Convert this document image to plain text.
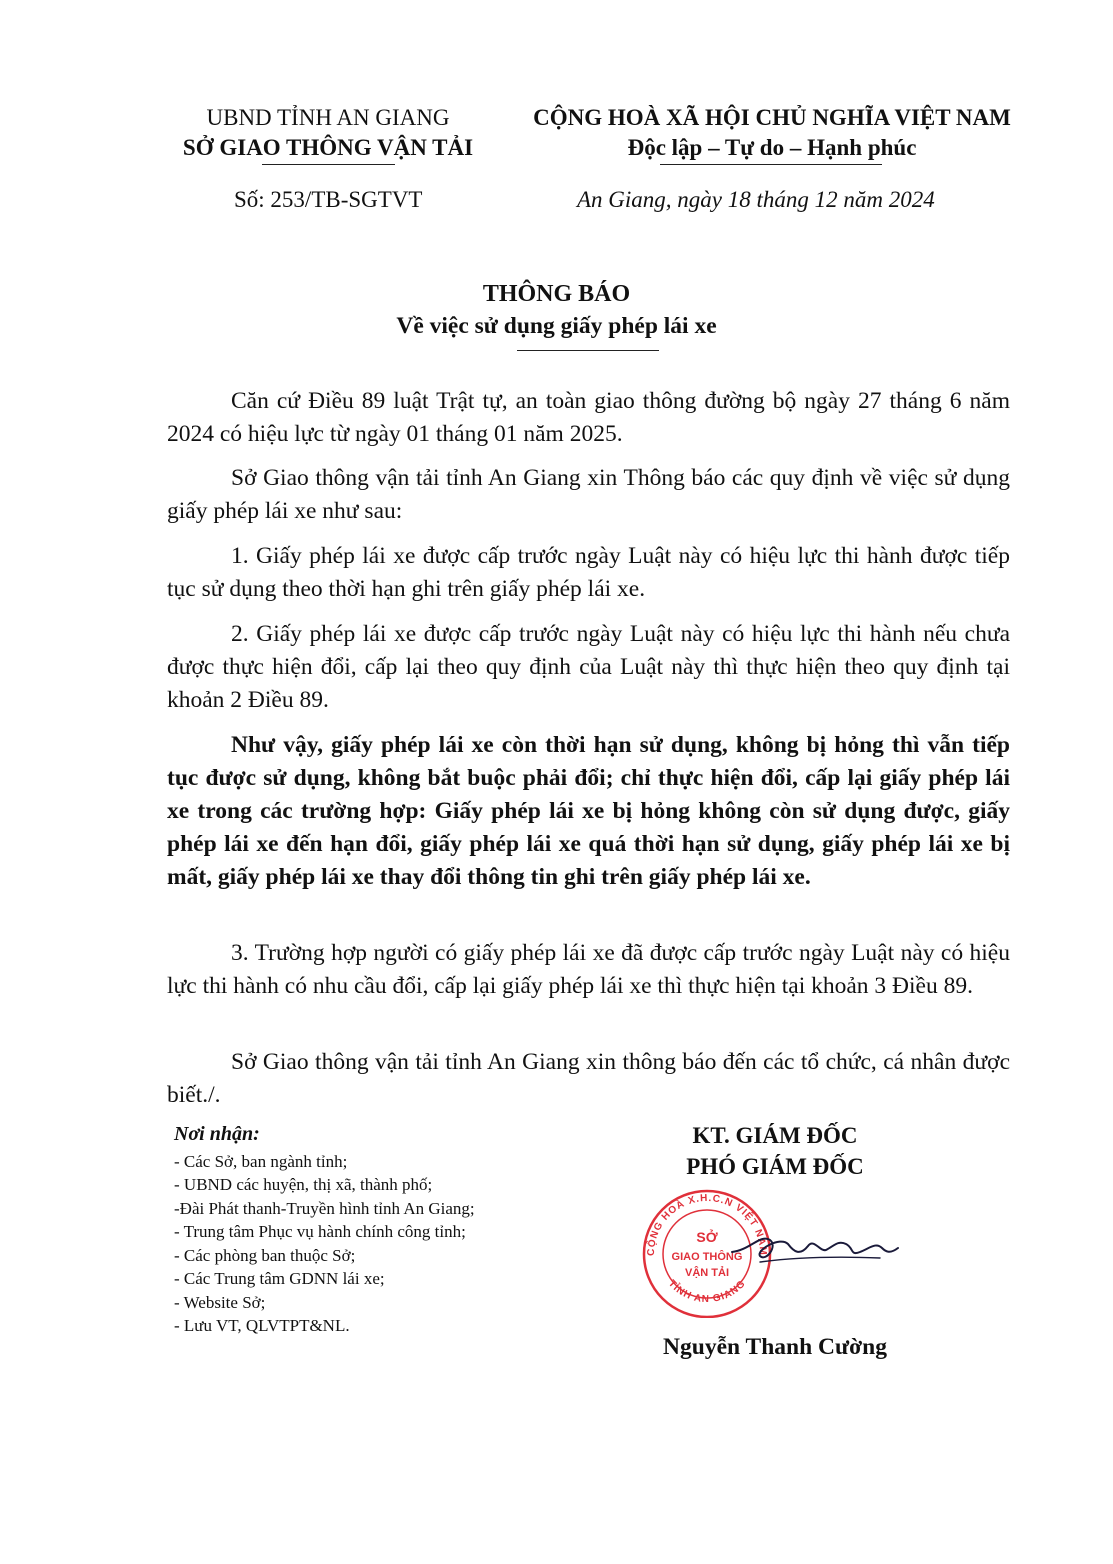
UBND TỈNH AN GIANG
SỞ GIAO THÔNG VẬN TẢI
CỘNG HOÀ XÃ HỘI CHỦ NGHĨA VIỆT NAM
Độc lập – Tự do – Hạnh phúc
Số: 253/TB-SGTVT	An Giang, ngày 18 tháng 12 năm 2024
THÔNG BÁO
Về việc sử dụng giấy phép lái xe

Căn cứ Điều 89 luật Trật tự, an toàn giao thông đường bộ ngày 27 tháng 6 năm 2024 có hiệu lực từ ngày 01 tháng 01 năm 2025.

Sở Giao thông vận tải tỉnh An Giang xin Thông báo các quy định về việc sử dụng giấy phép lái xe như sau:

1. Giấy phép lái xe được cấp trước ngày Luật này có hiệu lực thi hành được tiếp tục sử dụng theo thời hạn ghi trên giấy phép lái xe.

2. Giấy phép lái xe được cấp trước ngày Luật này có hiệu lực thi hành nếu chưa được thực hiện đổi, cấp lại theo quy định của Luật này thì thực hiện theo quy định tại khoản 2 Điều 89.

Như vậy, giấy phép lái xe còn thời hạn sử dụng, không bị hỏng thì vẫn tiếp tục được sử dụng, không bắt buộc phải đổi; chỉ thực hiện đổi, cấp lại giấy phép lái xe trong các trường hợp: Giấy phép lái xe bị hỏng không còn sử dụng được, giấy phép lái xe đến hạn đổi, giấy phép lái xe quá thời hạn sử dụng, giấy phép lái xe bị mất, giấy phép lái xe thay đổi thông tin ghi trên giấy phép lái xe.

3. Trường hợp người có giấy phép lái xe đã được cấp trước ngày Luật này có hiệu lực thi hành có nhu cầu đổi, cấp lại giấy phép lái xe thì thực hiện tại khoản 3 Điều 89.

Sở Giao thông vận tải tỉnh An Giang xin thông báo đến các tổ chức, cá nhân được biết./.

Nơi nhận:
- Các Sở, ban ngành tỉnh;
- UBND các huyện, thị xã, thành phố;
-Đài Phát thanh-Truyền hình tỉnh An Giang;
- Trung tâm Phục vụ hành chính công tỉnh;
- Các phòng ban thuộc Sở;
- Các Trung tâm GDNN lái xe;
- Website Sở;
- Lưu VT, QLVTPT&NL.
KT. GIÁM ĐỐC
PHÓ GIÁM ĐỐC
CỘNG HOÀ X.H.C.N VIỆT NAM
TỈNH AN GIANG
SỞ
GIAO THÔNG
VẬN TẢI
Nguyễn Thanh Cường
